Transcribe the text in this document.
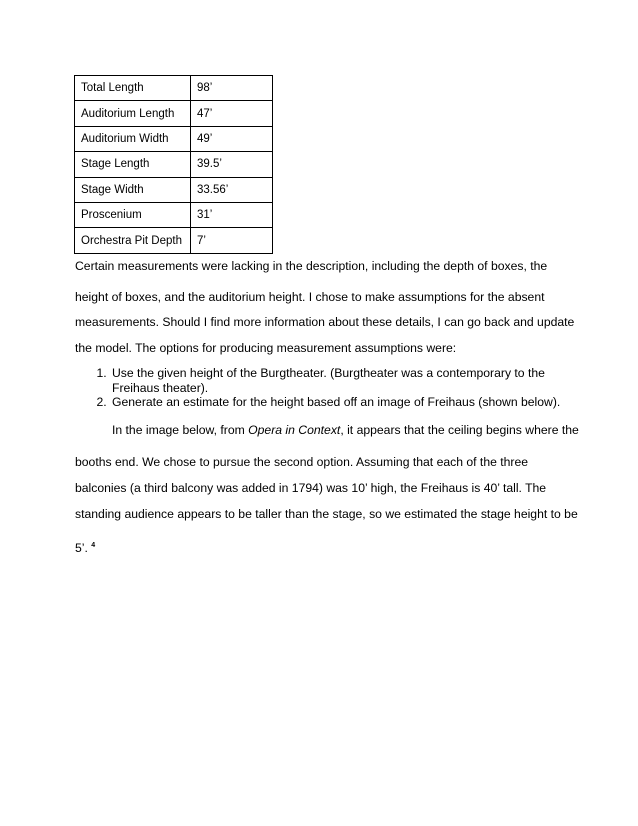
Total Length	98’
Auditorium Length	47’
Auditorium Width	49’
Stage Length	39.5’
Stage Width	33.56’
Proscenium	31’
Orchestra Pit Depth	7’
Certain measurements were lacking in the description, including the depth of boxes, the
height of boxes, and the auditorium height. I chose to make assumptions for the absent
measurements. Should I find more information about these details, I can go back and update
the model. The options for producing measurement assumptions were:
1. Use the given height of the Burgtheater. (Burgtheater was a contemporary to the Freihaus theater).
2. Generate an estimate for the height based off an image of Freihaus (shown below).
In the image below, from Opera in Context, it appears that the ceiling begins where the
booths end. We chose to pursue the second option. Assuming that each of the three
balconies (a third balcony was added in 1794) was 10’ high, the Freihaus is 40’ tall. The
standing audience appears to be taller than the stage, so we estimated the stage height to be
5’. $^4$
